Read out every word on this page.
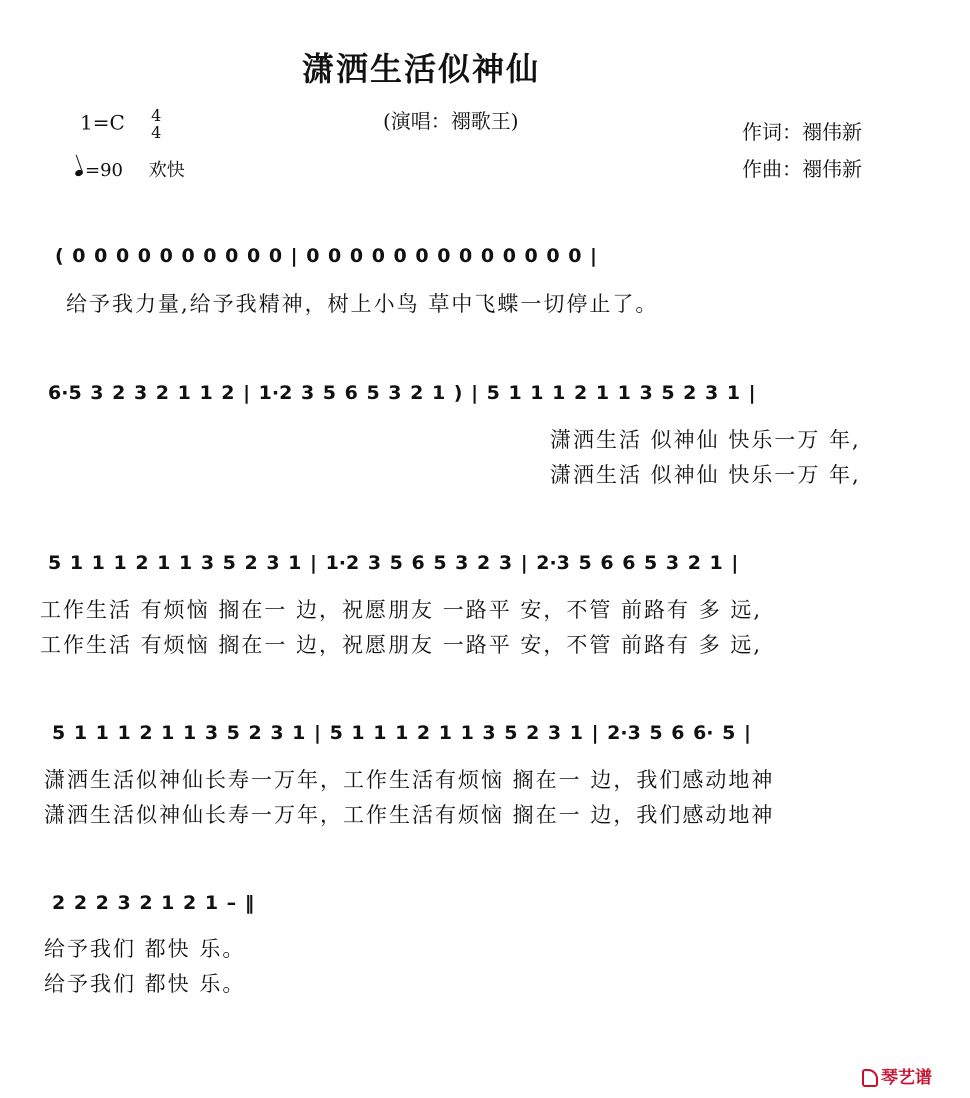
潇洒生活似神仙
1=C 4
4
=90 欢快
(演唱：禤歌王)	作词：禤伟新
作曲：禤伟新
( 0 0 0 0 0 0 0 0 0 0 | 0 0 0 0 0 0 0 0 0 0 0 0 0 |
给予我力量,给予我精神，树上小鸟 草中飞蝶一切停止了。
6·5 3 2 3 2 1 1 2 | 1·2 3 5 6 5 3 2 1 ) | 5 1 1 1 2 1 1 3 5 2 3 1 |
潇洒生活 似神仙 快乐一万 年,
潇洒生活 似神仙 快乐一万 年,
5 1 1 1 2 1 1 3 5 2 3 1 | 1·2 3 5 6 5 3 2 3 | 2·3 5 6 6 5 3 2 1 |
工作生活 有烦恼 搁在一 边，祝愿朋友 一路平 安，不管 前路有 多 远,
工作生活 有烦恼 搁在一 边，祝愿朋友 一路平 安，不管 前路有 多 远,
5 1 1 1 2 1 1 3 5 2 3 1 | 5 1 1 1 2 1 1 3 5 2 3 1 | 2·3 5 6 6· 5 |
潇洒生活似神仙长寿一万年，工作生活有烦恼 搁在一 边，我们感动地神
潇洒生活似神仙长寿一万年，工作生活有烦恼 搁在一 边，我们感动地神
2 2 2 3 2 1 2 1 – ‖
给予我们 都快 乐。
给予我们 都快 乐。
琴艺谱
